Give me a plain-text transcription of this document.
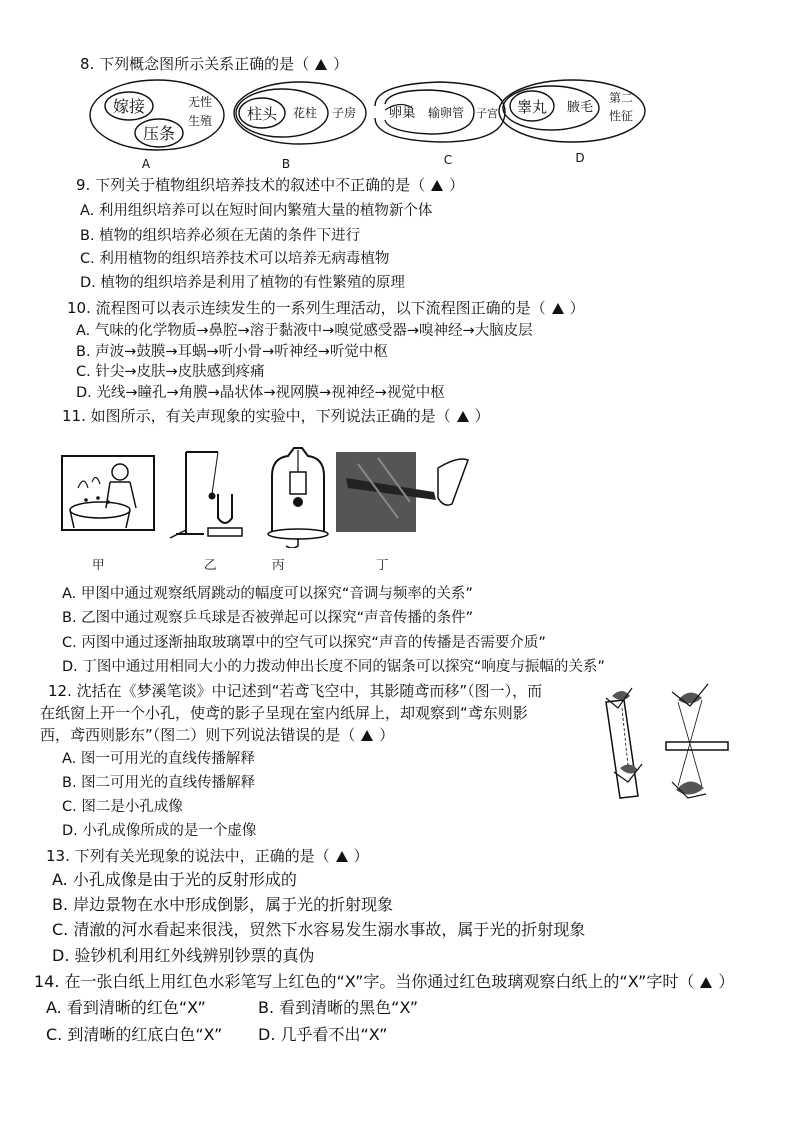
8. 下列概念图所示关系正确的是（ ）
嫁接
压条
无性
生殖
A
柱头 花柱 子房
B
卵巢 输卵管 子宫
C
睾丸 腋毛
第二
性征
D
9. 下列关于植物组织培养技术的叙述中不正确的是（ ）
A. 利用组织培养可以在短时间内繁殖大量的植物新个体
B. 植物的组织培养必须在无菌的条件下进行
C. 利用植物的组织培养技术可以培养无病毒植物
D. 植物的组织培养是利用了植物的有性繁殖的原理
10. 流程图可以表示连续发生的一系列生理活动，以下流程图正确的是（ ）
A. 气味的化学物质→鼻腔→溶于黏液中→嗅觉感受器→嗅神经→大脑皮层
B. 声波→鼓膜→耳蜗→听小骨→听神经→听觉中枢
C. 针尖→皮肤→皮肤感到疼痛
D. 光线→瞳孔→角膜→晶状体→视网膜→视神经→视觉中枢
11. 如图所示，有关声现象的实验中，下列说法正确的是（ ）
甲	乙	丙	丁
A. 甲图中通过观察纸屑跳动的幅度可以探究“音调与频率的关系”
B. 乙图中通过观察乒乓球是否被弹起可以探究“声音传播的条件”
C. 丙图中通过逐渐抽取玻璃罩中的空气可以探究“声音的传播是否需要介质”
D. 丁图中通过用相同大小的力拨动伸出长度不同的锯条可以探究“响度与振幅的关系”
12. 沈括在《梦溪笔谈》中记述到“若鸢飞空中，其影随鸢而移”（图一），而
在纸窗上开一个小孔，使鸢的影子呈现在室内纸屏上，却观察到“鸢东则影
西，鸢西则影东”（图二）则下列说法错误的是（ ）
A. 图一可用光的直线传播解释
B. 图二可用光的直线传播解释
C. 图二是小孔成像
D. 小孔成像所成的是一个虚像
13. 下列有关光现象的说法中，正确的是（ ）
A. 小孔成像是由于光的反射形成的
B. 岸边景物在水中形成倒影，属于光的折射现象
C. 清澈的河水看起来很浅，贸然下水容易发生溺水事故，属于光的折射现象
D. 验钞机利用红外线辨别钞票的真伪
14. 在一张白纸上用红色水彩笔写上红色的“X”字。当你通过红色玻璃观察白纸上的“X”字时（ ）
A. 看到清晰的红色“X”	B. 看到清晰的黑色“X”
C. 到清晰的红底白色“X” D. 几乎看不出“X”
